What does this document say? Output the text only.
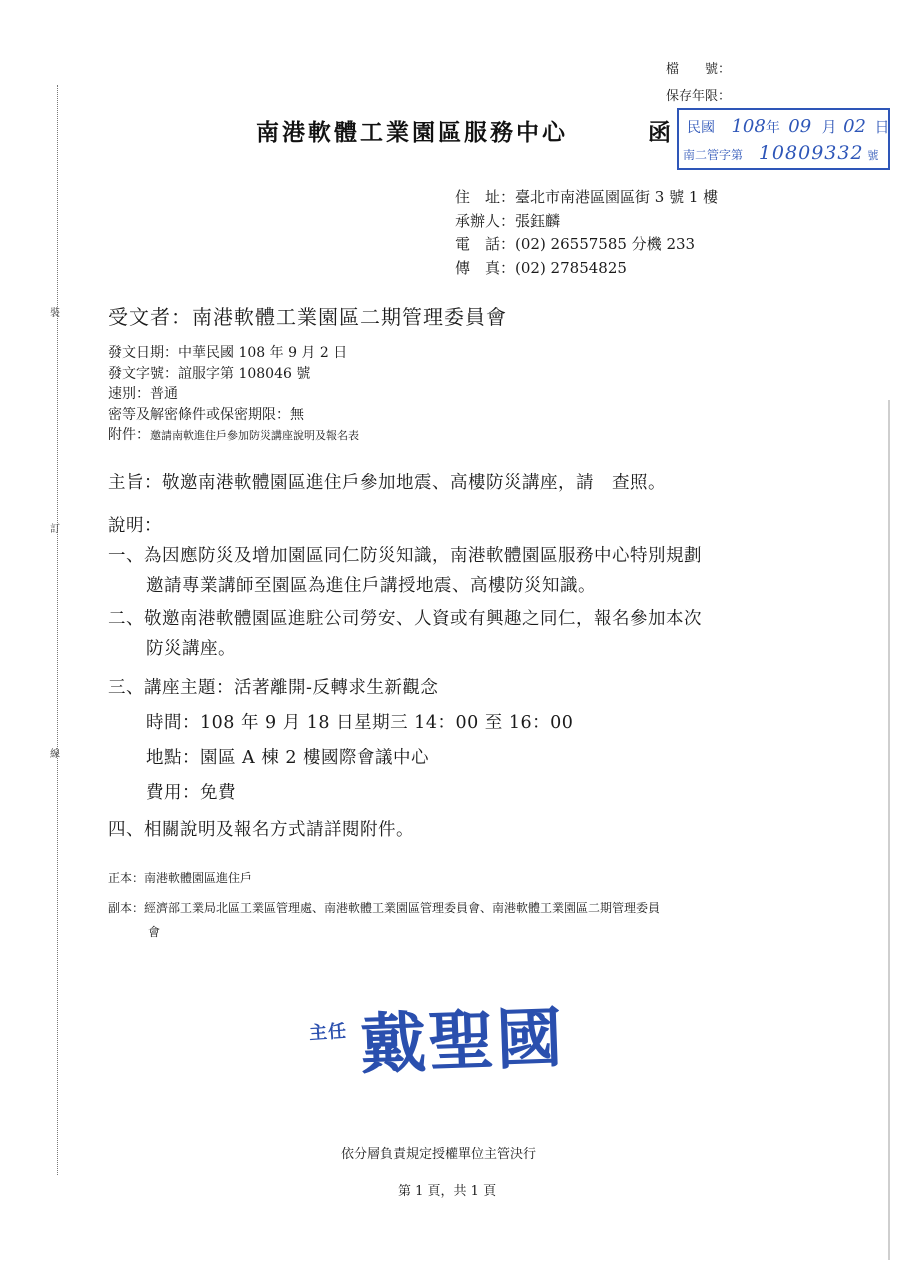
裝
訂
線
檔　　號：
保存年限：
南港軟體工業園區服務中心	函 民國 108年 09 月 02 日
南二管字第 10809332 號
住　址：臺北市南港區園區街 3 號 1 樓
承辦人：張鈺麟
電　話：(02) 26557585 分機 233
傳　真：(02) 27854825
受文者：南港軟體工業園區二期管理委員會
發文日期：中華民國 108 年 9 月 2 日
發文字號：誼服字第 108046 號
速別：普通
密等及解密條件或保密期限：無
附件：邀請南軟進住戶參加防災講座說明及報名表
主旨：敬邀南港軟體園區進住戶參加地震、高樓防災講座，請　查照。
說明：
一、為因應防災及增加園區同仁防災知識，南港軟體園區服務中心特別規劃
邀請專業講師至園區為進住戶講授地震、高樓防災知識。
二、敬邀南港軟體園區進駐公司勞安、人資或有興趣之同仁，報名參加本次
防災講座。
三、講座主題：活著離開-反轉求生新觀念
時間：108 年 9 月 18 日星期三 14：00 至 16：00
地點：園區 A 棟 2 樓國際會議中心
費用：免費
四、相關說明及報名方式請詳閱附件。
正本：南港軟體園區進住戶
副本：經濟部工業局北區工業區管理處、南港軟體工業園區管理委員會、南港軟體工業園區二期管理委員
會
主任 戴聖國
依分層負責規定授權單位主管決行
第 1 頁，共 1 頁
